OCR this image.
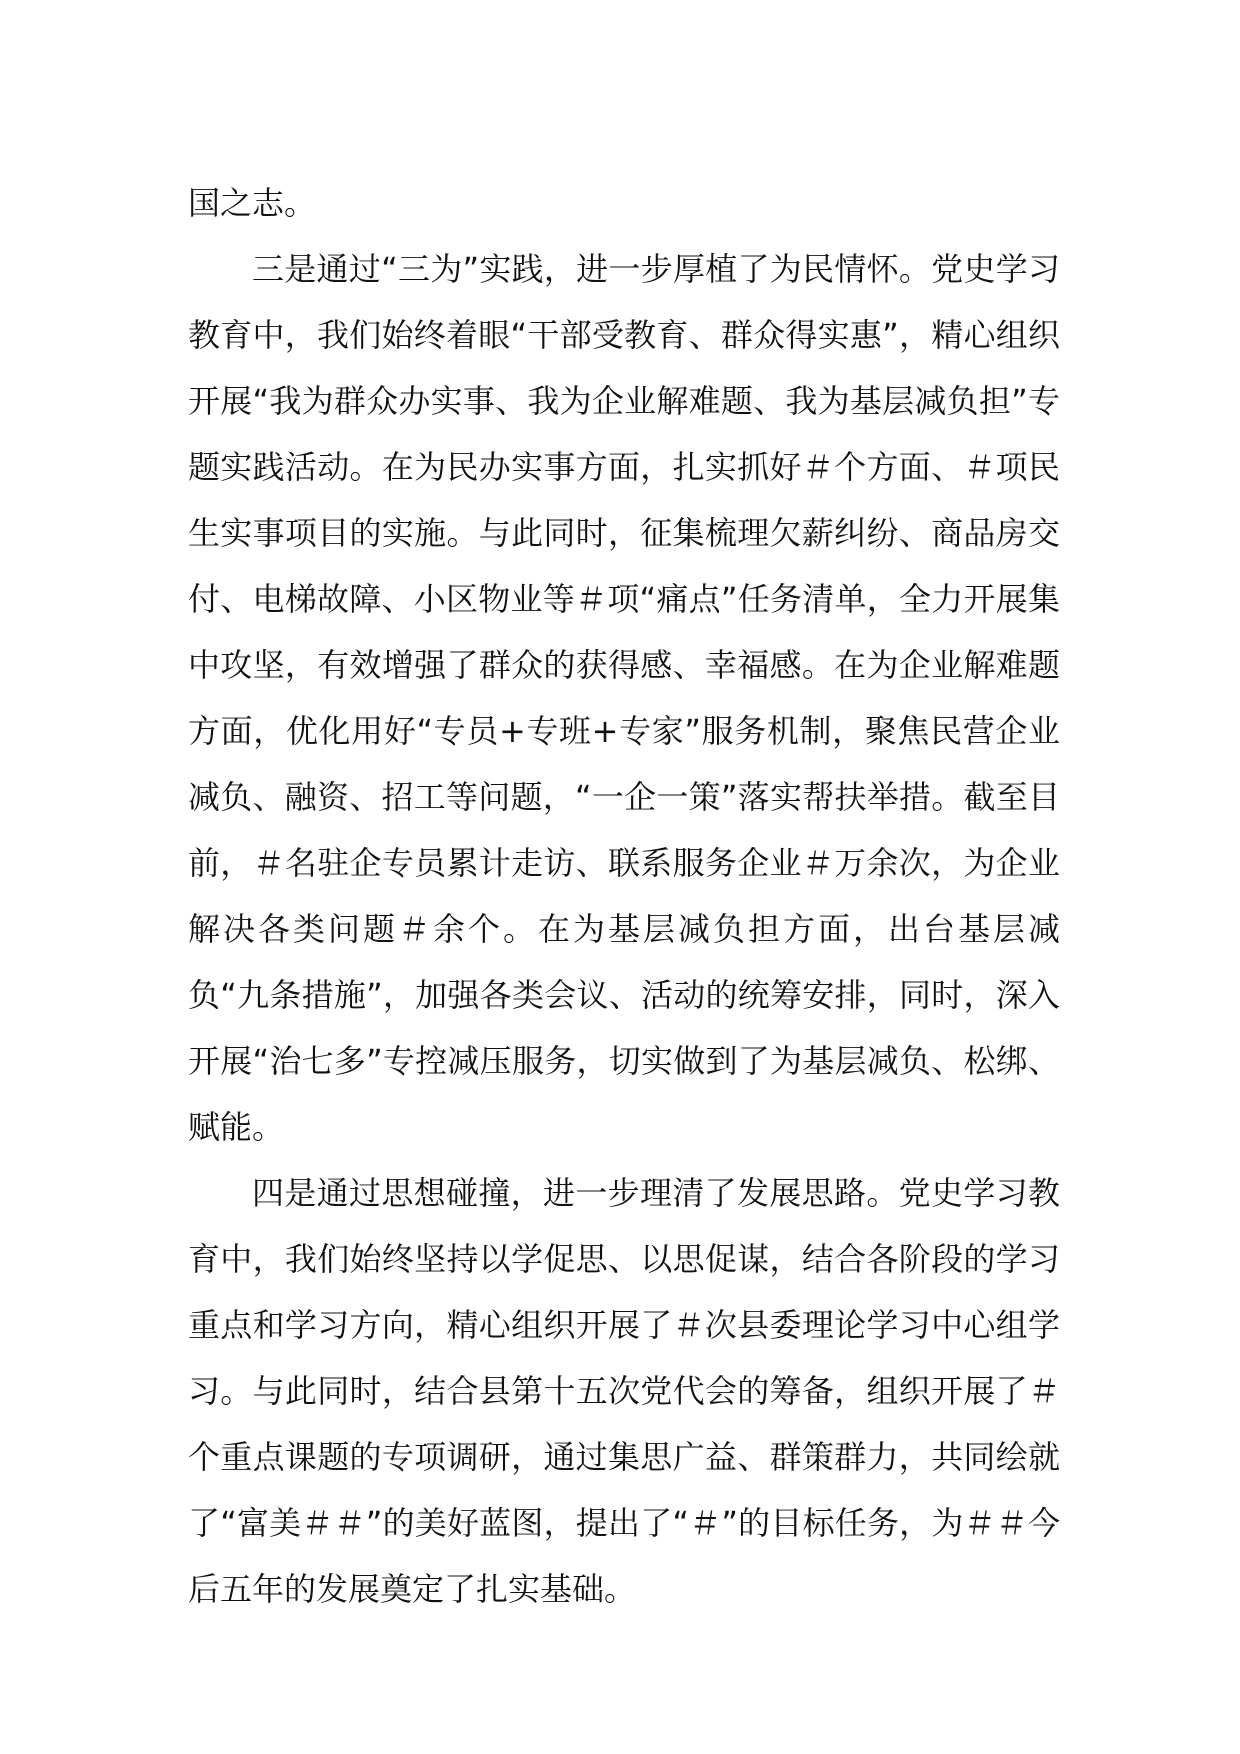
国之志。

三是通过“三为”实践，进一步厚植了为民情怀。党史学习教育中，我们始终着眼“干部受教育、群众得实惠”，精心组织开展“我为群众办实事、我为企业解难题、我为基层减负担”专题实践活动。在为民办实事方面，扎实抓好＃个方面、＃项民生实事项目的实施。与此同时，征集梳理欠薪纠纷、商品房交付、电梯故障、小区物业等＃项“痛点”任务清单，全力开展集中攻坚，有效增强了群众的获得感、幸福感。在为企业解难题方面，优化用好“专员+专班+专家”服务机制，聚焦民营企业减负、融资、招工等问题，“一企一策”落实帮扶举措。截至目前，＃名驻企专员累计走访、联系服务企业＃万余次，为企业解决各类问题＃余个。在为基层减负担方面，出台基层减负“九条措施”，加强各类会议、活动的统筹安排，同时，深入开展“治七多”专控减压服务，切实做到了为基层减负、松绑、赋能。

四是通过思想碰撞，进一步理清了发展思路。党史学习教育中，我们始终坚持以学促思、以思促谋，结合各阶段的学习重点和学习方向，精心组织开展了＃次县委理论学习中心组学习。与此同时，结合县第十五次党代会的筹备，组织开展了＃个重点课题的专项调研，通过集思广益、群策群力，共同绘就了“富美＃＃”的美好蓝图，提出了“＃”的目标任务，为＃＃今后五年的发展奠定了扎实基础。
